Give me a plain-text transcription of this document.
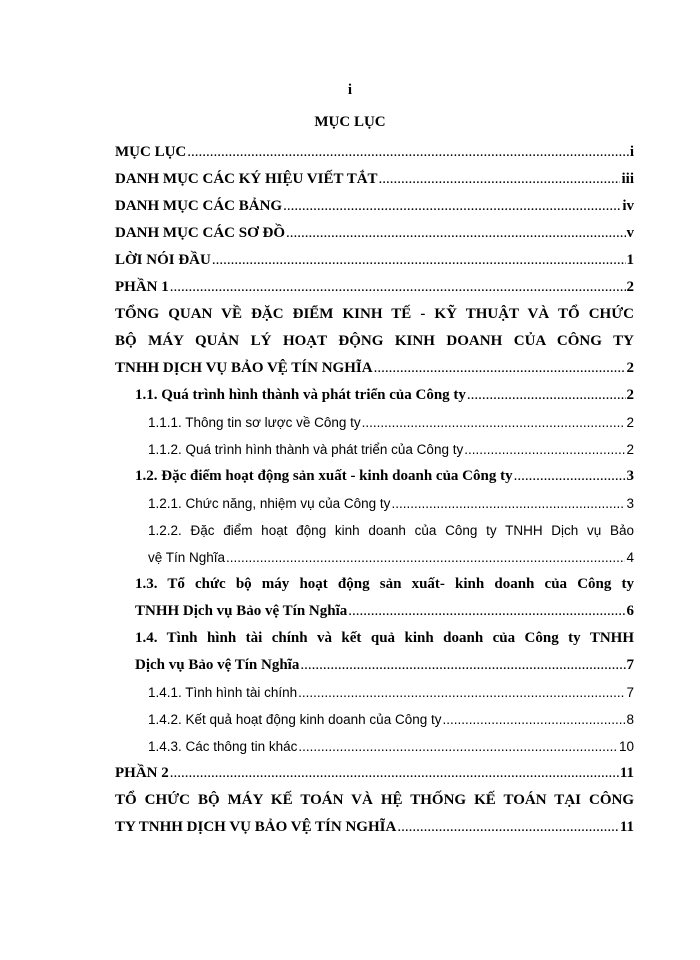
i
MỤC LỤC
MỤC LỤC .....	i
DANH MỤC CÁC KÝ HIỆU VIẾT TẮT .....	iii
DANH MỤC CÁC BẢNG .....	iv
DANH MỤC CÁC SƠ ĐỒ .....	v
LỜI NÓI ĐẦU .....	1
PHẦN 1 .....	2
TỔNG QUAN VỀ ĐẶC ĐIỂM KINH TẾ - KỸ THUẬT VÀ TỔ CHỨC
BỘ MÁY QUẢN LÝ HOẠT ĐỘNG KINH DOANH CỦA CÔNG TY
TNHH DỊCH VỤ BẢO VỆ TÍN NGHĨA .....	2
1.1. Quá trình hình thành và phát triển của Công ty .....	2
1.1.1. Thông tin sơ lược về Công ty .....	2
1.1.2. Quá trình hình thành và phát triển của Công ty .....	2
1.2. Đặc điểm hoạt động sản xuất - kinh doanh của Công ty .....	3
1.2.1. Chức năng, nhiệm vụ của Công ty .....	3
1.2.2. Đặc điểm hoạt động kinh doanh của Công ty TNHH Dịch vụ Bảo
vệ Tín Nghĩa .....	4
1.3. Tổ chức bộ máy hoạt động sản xuất- kinh doanh của Công ty
TNHH Dịch vụ Bảo vệ Tín Nghĩa .....	6
1.4. Tình hình tài chính và kết quả kinh doanh của Công ty TNHH
Dịch vụ Bảo vệ Tín Nghĩa .....	7
1.4.1. Tình hình tài chính .....	7
1.4.2. Kết quả hoạt động kinh doanh của Công ty .....	8
1.4.3. Các thông tin khác .....	10
PHẦN 2 .....	11
TỔ CHỨC BỘ MÁY KẾ TOÁN VÀ HỆ THỐNG KẾ TOÁN TẠI CÔNG
TY TNHH DỊCH VỤ BẢO VỆ TÍN NGHĨA .....	11
